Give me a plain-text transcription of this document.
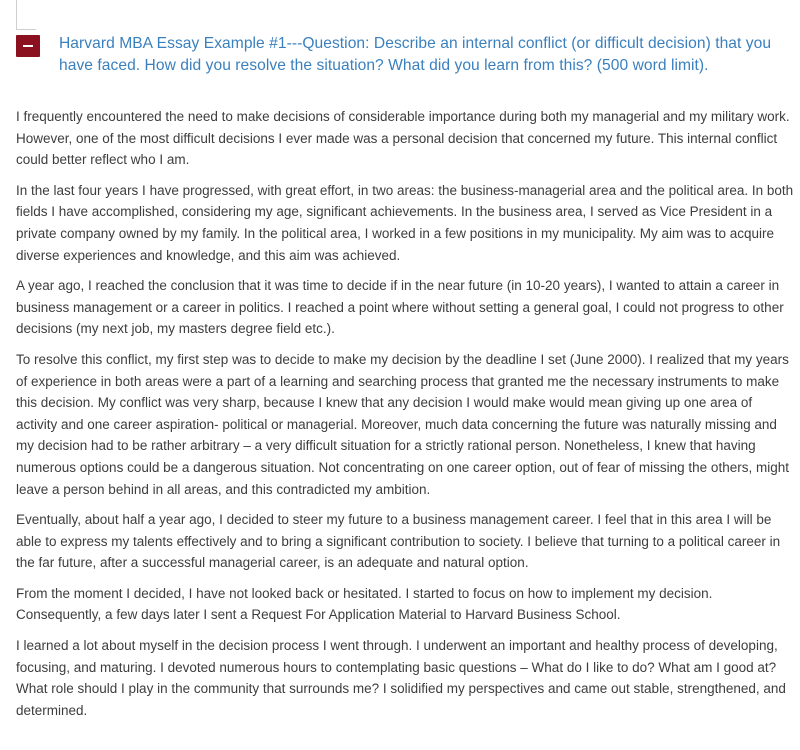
Harvard MBA Essay Example #1---Question: Describe an internal conflict (or difficult decision) that you have faced. How did you resolve the situation? What did you learn from this? (500 word limit).

I frequently encountered the need to make decisions of considerable importance during both my managerial and my military work. However, one of the most difficult decisions I ever made was a personal decision that concerned my future. This internal conflict could better reflect who I am.

In the last four years I have progressed, with great effort, in two areas: the business-managerial area and the political area. In both fields I have accomplished, considering my age, significant achievements. In the business area, I served as Vice President in a private company owned by my family. In the political area, I worked in a few positions in my municipality. My aim was to acquire diverse experiences and knowledge, and this aim was achieved.

A year ago, I reached the conclusion that it was time to decide if in the near future (in 10-20 years), I wanted to attain a career in business management or a career in politics. I reached a point where without setting a general goal, I could not progress to other decisions (my next job, my masters degree field etc.).

To resolve this conflict, my first step was to decide to make my decision by the deadline I set (June 2000). I realized that my years of experience in both areas were a part of a learning and searching process that granted me the necessary instruments to make this decision. My conflict was very sharp, because I knew that any decision I would make would mean giving up one area of activity and one career aspiration- political or managerial. Moreover, much data concerning the future was naturally missing and my decision had to be rather arbitrary – a very difficult situation for a strictly rational person. Nonetheless, I knew that having numerous options could be a dangerous situation. Not concentrating on one career option, out of fear of missing the others, might leave a person behind in all areas, and this contradicted my ambition.

Eventually, about half a year ago, I decided to steer my future to a business management career. I feel that in this area I will be able to express my talents effectively and to bring a significant contribution to society. I believe that turning to a political career in the far future, after a successful managerial career, is an adequate and natural option.

From the moment I decided, I have not looked back or hesitated. I started to focus on how to implement my decision. Consequently, a few days later I sent a Request For Application Material to Harvard Business School.

I learned a lot about myself in the decision process I went through. I underwent an important and healthy process of developing, focusing, and maturing. I devoted numerous hours to contemplating basic questions – What do I like to do? What am I good at? What role should I play in the community that surrounds me? I solidified my perspectives and came out stable, strengthened, and determined.
